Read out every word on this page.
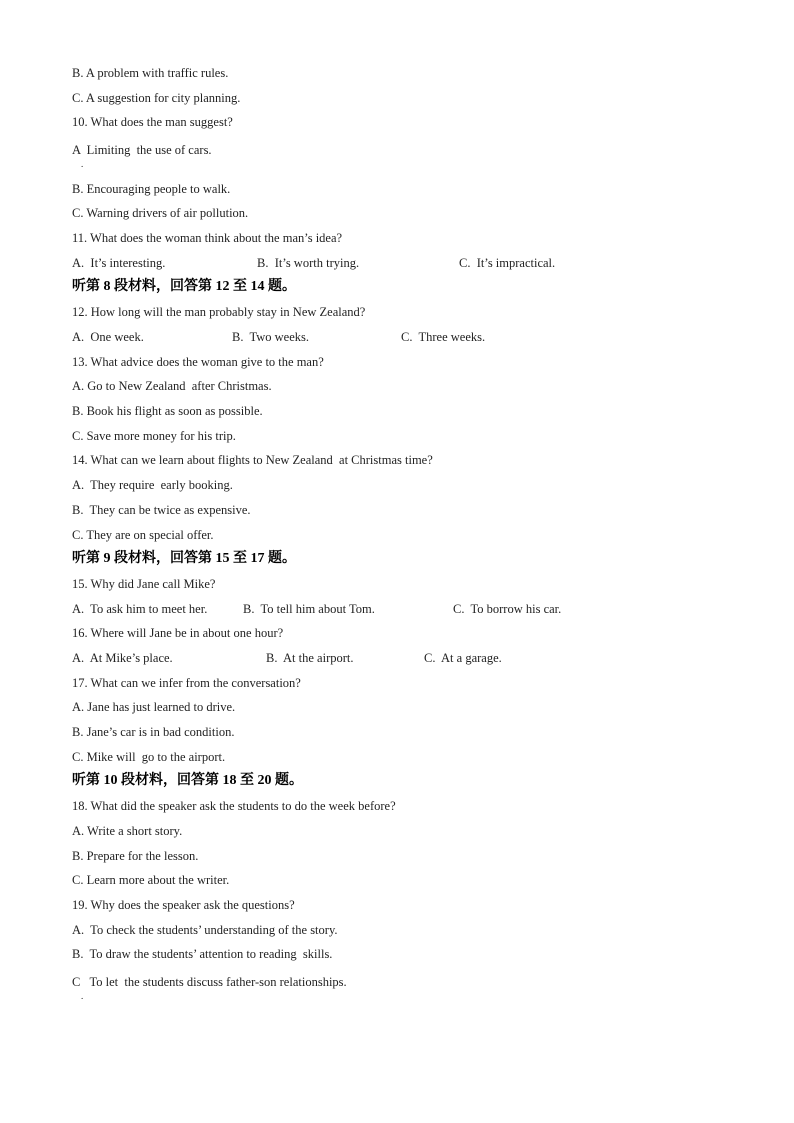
B. A problem with traffic rules.
C. A suggestion for city planning.
10. What does the man suggest?
A  Limiting  the use of cars.
.
B. Encouraging people to walk.
C. Warning drivers of air pollution.
11. What does the woman think about the man’s idea?
A.  It’s interesting.	B.  It’s worth trying.	C.  It’s impractical.
听第 8 段材料，回答第 12 至 14 题。
12. How long will the man probably stay in New Zealand?
A.  One week.	B.  Two weeks.	C.  Three weeks.
13. What advice does the woman give to the man?
A. Go to New Zealand  after Christmas.
B. Book his flight as soon as possible.
C. Save more money for his trip.
14. What can we learn about flights to New Zealand  at Christmas time?
A.  They require  early booking.
B.  They can be twice as expensive.
C. They are on special offer.
听第 9 段材料，回答第 15 至 17 题。
15. Why did Jane call Mike?
A.  To ask him to meet her.	B.  To tell him about Tom.	C.  To borrow his car.
16. Where will Jane be in about one hour?
A.  At Mike’s place.	B.  At the airport.	C.  At a garage.
17. What can we infer from the conversation?
A. Jane has just learned to drive.
B. Jane’s car is in bad condition.
C. Mike will  go to the airport.
听第 10 段材料，回答第 18 至 20 题。
18. What did the speaker ask the students to do the week before?
A. Write a short story.
B. Prepare for the lesson.
C. Learn more about the writer.
19. Why does the speaker ask the questions?
A.  To check the students’ understanding of the story.
B.  To draw the students’ attention to reading  skills.
C   To let  the students discuss father-son relationships.
.
